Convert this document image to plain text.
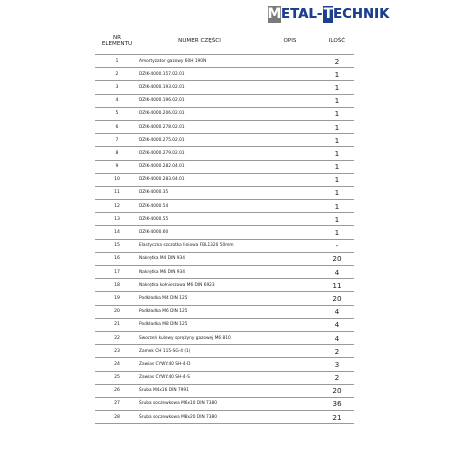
M ETAL- T ECHNIK
NR
ELEMENTU	NUMER CZĘŚCI	OPIS	ILOŚĆ
1	Amortyzator gazowy 60H 190N		2
2	DZIK-4000.157.02.01		1
3	DZIK-4000.193.02.01		1
4	DZIK-4000.196.02.01		1
5	DZIK-4000.206.02.01		1
6	DZIK-4000.278.02.01		1
7	DZIK-4000.275.02.01		1
8	DZIK-4000.279.02.01		1
9	DZIK-4000.282.04.01		1
10	DZIK-4000.283.04.01		1
11	DZIK-4000.35		1
12	DZIK-4000.54		1
13	DZIK-4000.55		1
14	DZIK-4000.60		1
15	Elastyczna szczotka liniowa FBL1320 50mm		-
16	Nakrętka M4 DIN 934		20
17	Nakrętka M6 DIN 934		4
18	Nakrętka kołnierzowa M6 DIN 6923		11
19	Podkładka M4 DIN 125		20
20	Podkładka M6 DIN 125		4
21	Podkładka M8 DIN 125		4
22	Sworzeń kulowy sprężyny gazowej M6 810		4
23	Zamek CH 115-SG-4 (1)		2
24	Zawias CYWY.40 SH-4-D		3
25	Zawias CYWY.40 SH-4-S		2
26	Śruba M4x16 DIN 7991		20
27	Śruba soczewkowa M6x10 DIN 7380		36
28	Śruba soczewkowa M8x20 DIN 7380		21
